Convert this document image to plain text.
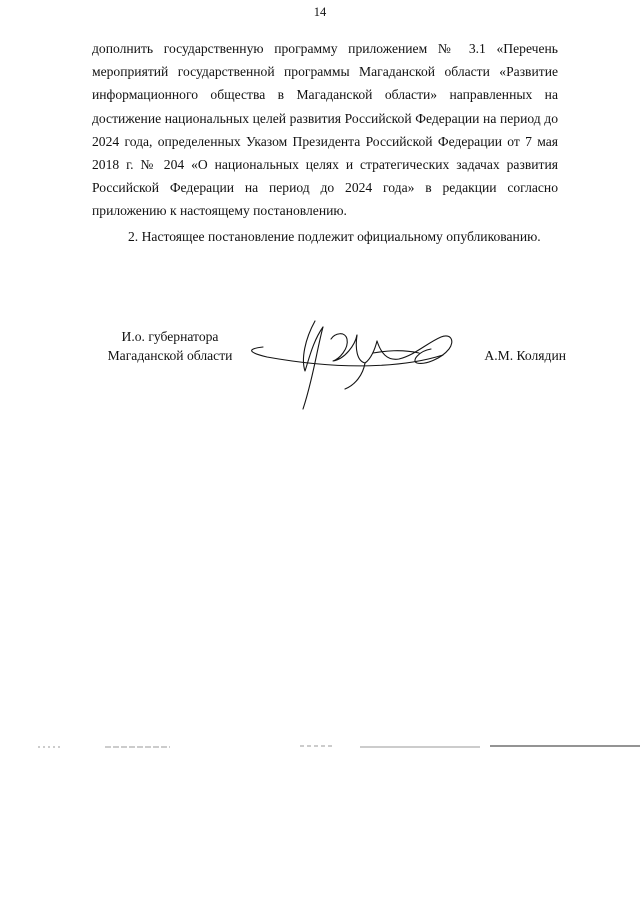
14

дополнить государственную программу приложением № 3.1 «Перечень мероприятий государственной программы Магаданской области «Развитие информационного общества в Магаданской области» направленных на достижение национальных целей развития Российской Федерации на период до 2024 года, определенных Указом Президента Российской Федерации от 7 мая 2018 г. № 204 «О национальных целях и стратегических задачах развития Российской Федерации на период до 2024 года» в редакции согласно приложению к настоящему постановлению.

2. Настоящее постановление подлежит официальному опубликованию.

И.о. губернатора
Магаданской области	А.М. Колядин
